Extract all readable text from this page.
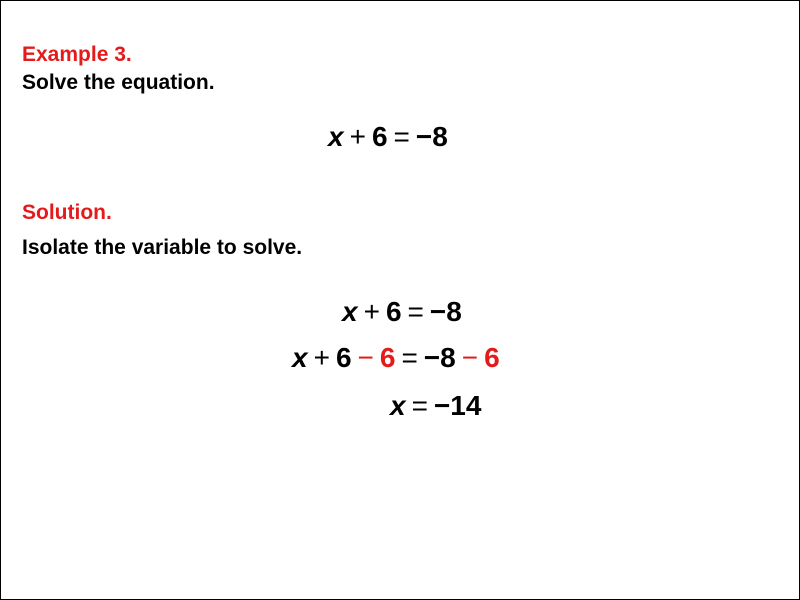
Example 3.
Solve the equation.
x + 6 = −8
Solution.
Isolate the variable to solve.
x + 6 = −8
x + 6 − 6 = −8 − 6
x = −14
